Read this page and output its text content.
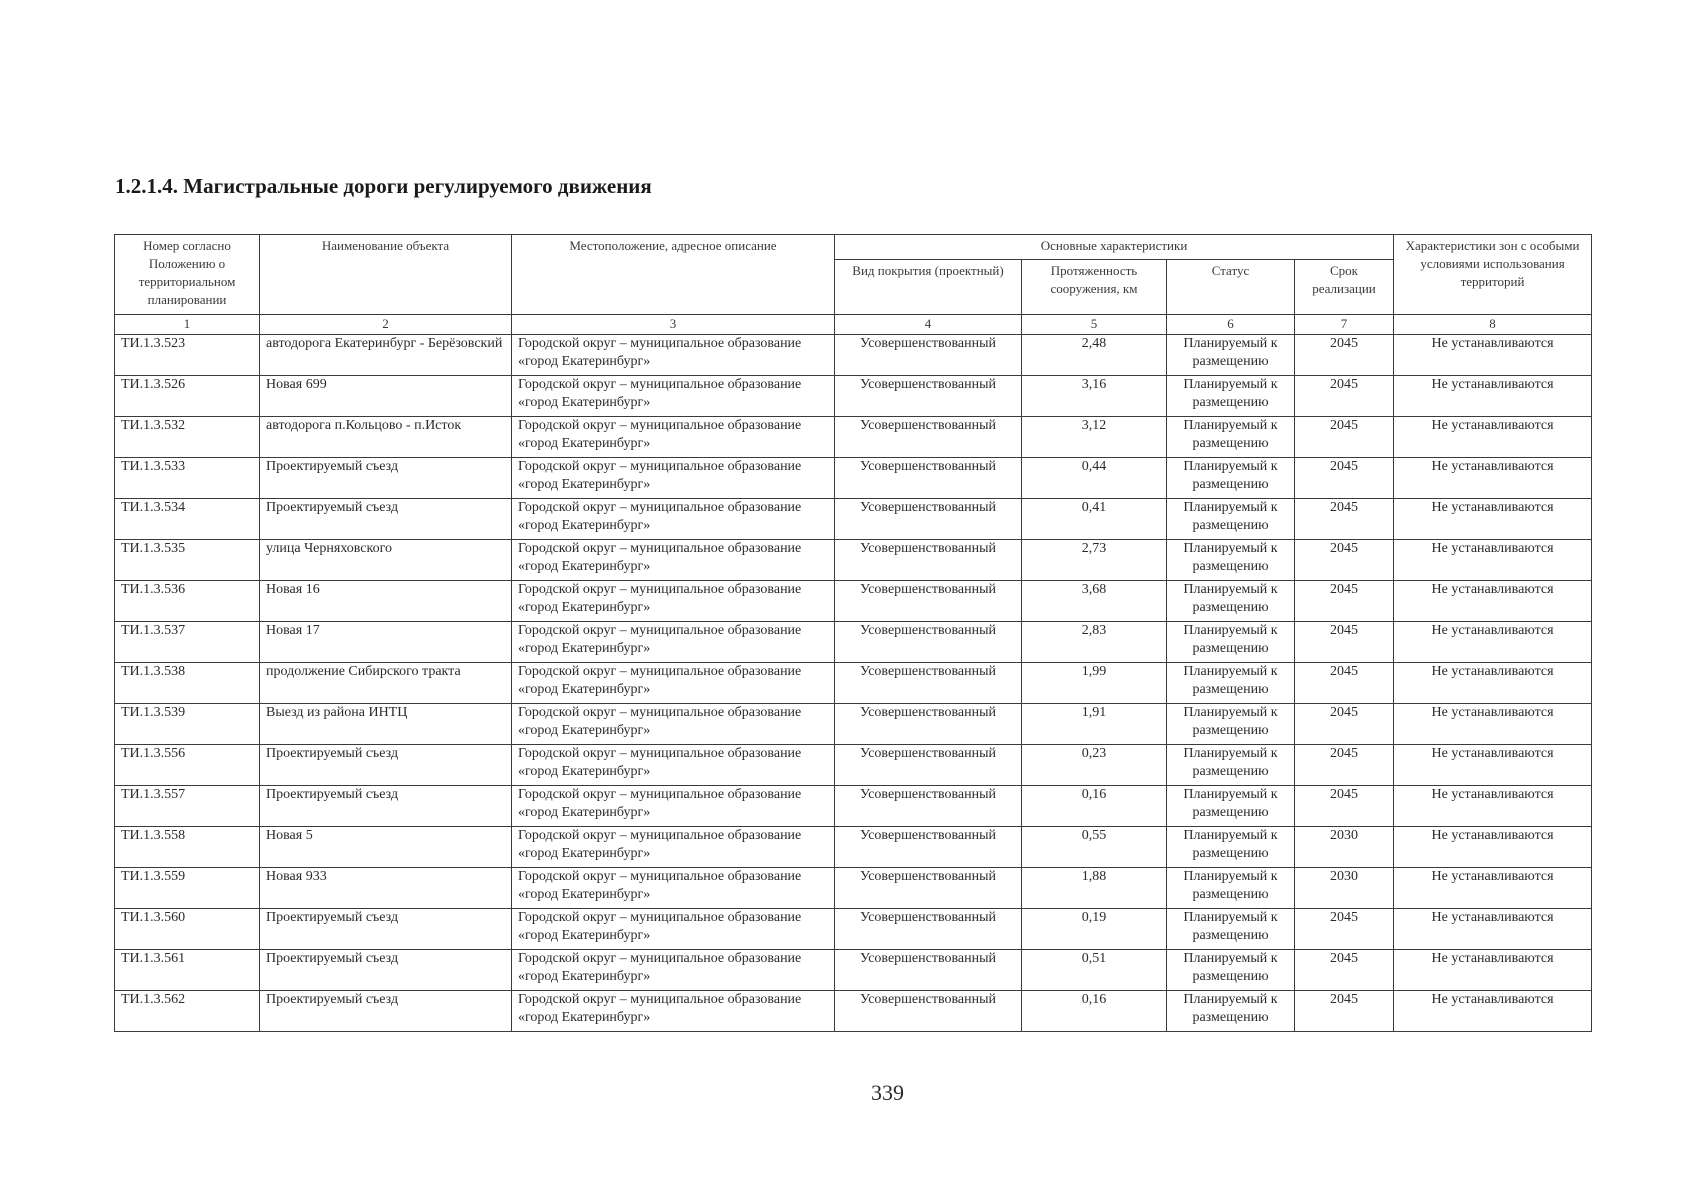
1.2.1.4. Магистральные дороги регулируемого движения
Номер согласно Положению о территориальном планировании	Наименование объекта	Местоположение, адресное описание	Основные характеристики				Характеристики зон с особыми условиями использования территорий
			Вид покрытия (проектный)	Протяженность сооружения, км	Статус	Срок реализации	
1	2	3	4	5	6	7	8
ТИ.1.3.523	автодорога Екатеринбург - Берёзовский	Городской округ – муниципальное образование «город Екатеринбург»	Усовершенствованный	2,48	Планируемый к размещению	2045	Не устанавливаются
ТИ.1.3.526	Новая 699	Городской округ – муниципальное образование «город Екатеринбург»	Усовершенствованный	3,16	Планируемый к размещению	2045	Не устанавливаются
ТИ.1.3.532	автодорога п.Кольцово - п.Исток	Городской округ – муниципальное образование «город Екатеринбург»	Усовершенствованный	3,12	Планируемый к размещению	2045	Не устанавливаются
ТИ.1.3.533	Проектируемый съезд	Городской округ – муниципальное образование «город Екатеринбург»	Усовершенствованный	0,44	Планируемый к размещению	2045	Не устанавливаются
ТИ.1.3.534	Проектируемый съезд	Городской округ – муниципальное образование «город Екатеринбург»	Усовершенствованный	0,41	Планируемый к размещению	2045	Не устанавливаются
ТИ.1.3.535	улица Черняховского	Городской округ – муниципальное образование «город Екатеринбург»	Усовершенствованный	2,73	Планируемый к размещению	2045	Не устанавливаются
ТИ.1.3.536	Новая 16	Городской округ – муниципальное образование «город Екатеринбург»	Усовершенствованный	3,68	Планируемый к размещению	2045	Не устанавливаются
ТИ.1.3.537	Новая 17	Городской округ – муниципальное образование «город Екатеринбург»	Усовершенствованный	2,83	Планируемый к размещению	2045	Не устанавливаются
ТИ.1.3.538	продолжение Сибирского тракта	Городской округ – муниципальное образование «город Екатеринбург»	Усовершенствованный	1,99	Планируемый к размещению	2045	Не устанавливаются
ТИ.1.3.539	Выезд из района ИНТЦ	Городской округ – муниципальное образование «город Екатеринбург»	Усовершенствованный	1,91	Планируемый к размещению	2045	Не устанавливаются
ТИ.1.3.556	Проектируемый съезд	Городской округ – муниципальное образование «город Екатеринбург»	Усовершенствованный	0,23	Планируемый к размещению	2045	Не устанавливаются
ТИ.1.3.557	Проектируемый съезд	Городской округ – муниципальное образование «город Екатеринбург»	Усовершенствованный	0,16	Планируемый к размещению	2045	Не устанавливаются
ТИ.1.3.558	Новая 5	Городской округ – муниципальное образование «город Екатеринбург»	Усовершенствованный	0,55	Планируемый к размещению	2030	Не устанавливаются
ТИ.1.3.559	Новая 933	Городской округ – муниципальное образование «город Екатеринбург»	Усовершенствованный	1,88	Планируемый к размещению	2030	Не устанавливаются
ТИ.1.3.560	Проектируемый съезд	Городской округ – муниципальное образование «город Екатеринбург»	Усовершенствованный	0,19	Планируемый к размещению	2045	Не устанавливаются
ТИ.1.3.561	Проектируемый съезд	Городской округ – муниципальное образование «город Екатеринбург»	Усовершенствованный	0,51	Планируемый к размещению	2045	Не устанавливаются
ТИ.1.3.562	Проектируемый съезд	Городской округ – муниципальное образование «город Екатеринбург»	Усовершенствованный	0,16	Планируемый к размещению	2045	Не устанавливаются
339
